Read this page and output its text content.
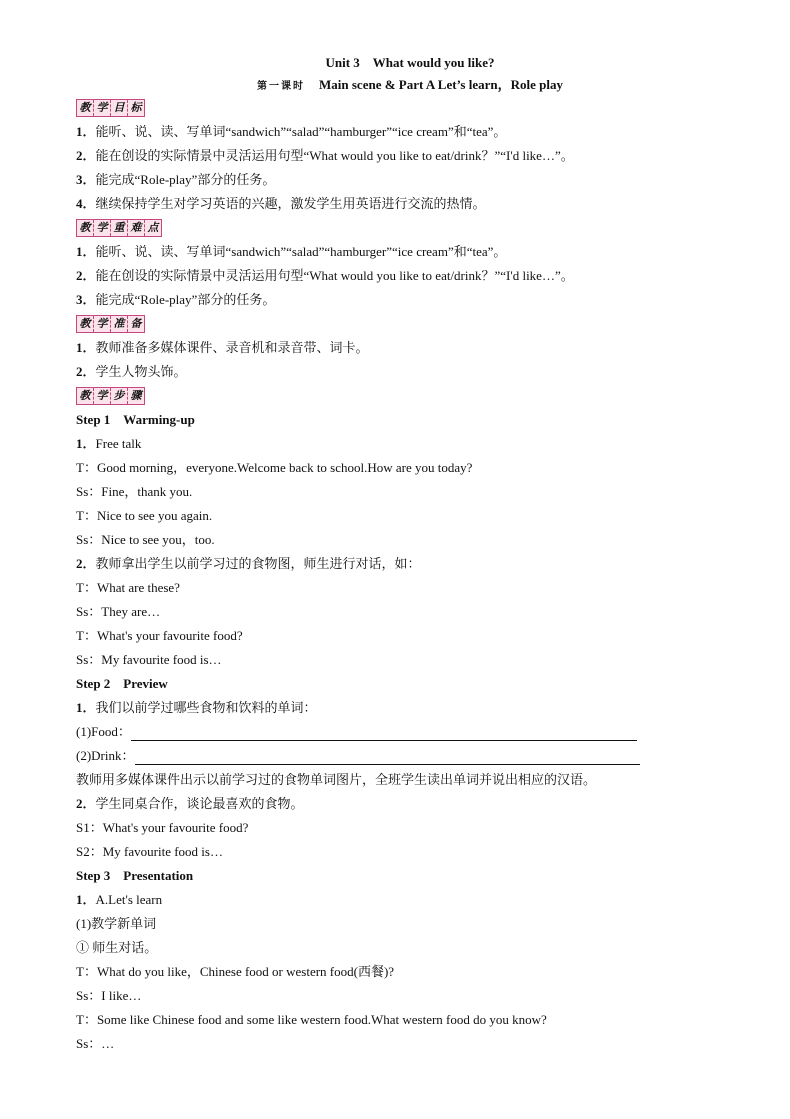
Unit 3　What would you like?
第一课时 Main scene & Part A Let’s learn，Role play
教 学 目 标
1．能听、说、读、写单词“sandwich”“salad”“hamburger”“ice cream”和“tea”。
2．能在创设的实际情景中灵活运用句型“What would you like to eat/drink？”“I'd like…”。
3．能完成“Role-play”部分的任务。
4．继续保持学生对学习英语的兴趣，激发学生用英语进行交流的热情。
教 学 重 难 点
1．能听、说、读、写单词“sandwich”“salad”“hamburger”“ice cream”和“tea”。
2．能在创设的实际情景中灵活运用句型“What would you like to eat/drink？”“I'd like…”。
3．能完成“Role-play”部分的任务。
教 学 准 备
1．教师准备多媒体课件、录音机和录音带、词卡。
2．学生人物头饰。
教 学 步 骤
Step 1　Warming-up
1．Free talk
T：Good morning，everyone.Welcome back to school.How are you today?
Ss：Fine，thank you.
T：Nice to see you again.
Ss：Nice to see you，too.
2．教师拿出学生以前学习过的食物图，师生进行对话，如：
T：What are these?
Ss：They are…
T：What's your favourite food?
Ss：My favourite food is…
Step 2　Preview
1．我们以前学过哪些食物和饮料的单词：
(1)Food：
(2)Drink：
教师用多媒体课件出示以前学习过的食物单词图片，全班学生读出单词并说出相应的汉语。
2．学生同桌合作，谈论最喜欢的食物。
S1：What's your favourite food?
S2：My favourite food is…
Step 3　Presentation
1．A.Let's learn
(1)教学新单词
① 师生对话。
T：What do you like，Chinese food or western food(西餐)?
Ss：I like…
T：Some like Chinese food and some like western food.What western food do you know?
Ss：…
